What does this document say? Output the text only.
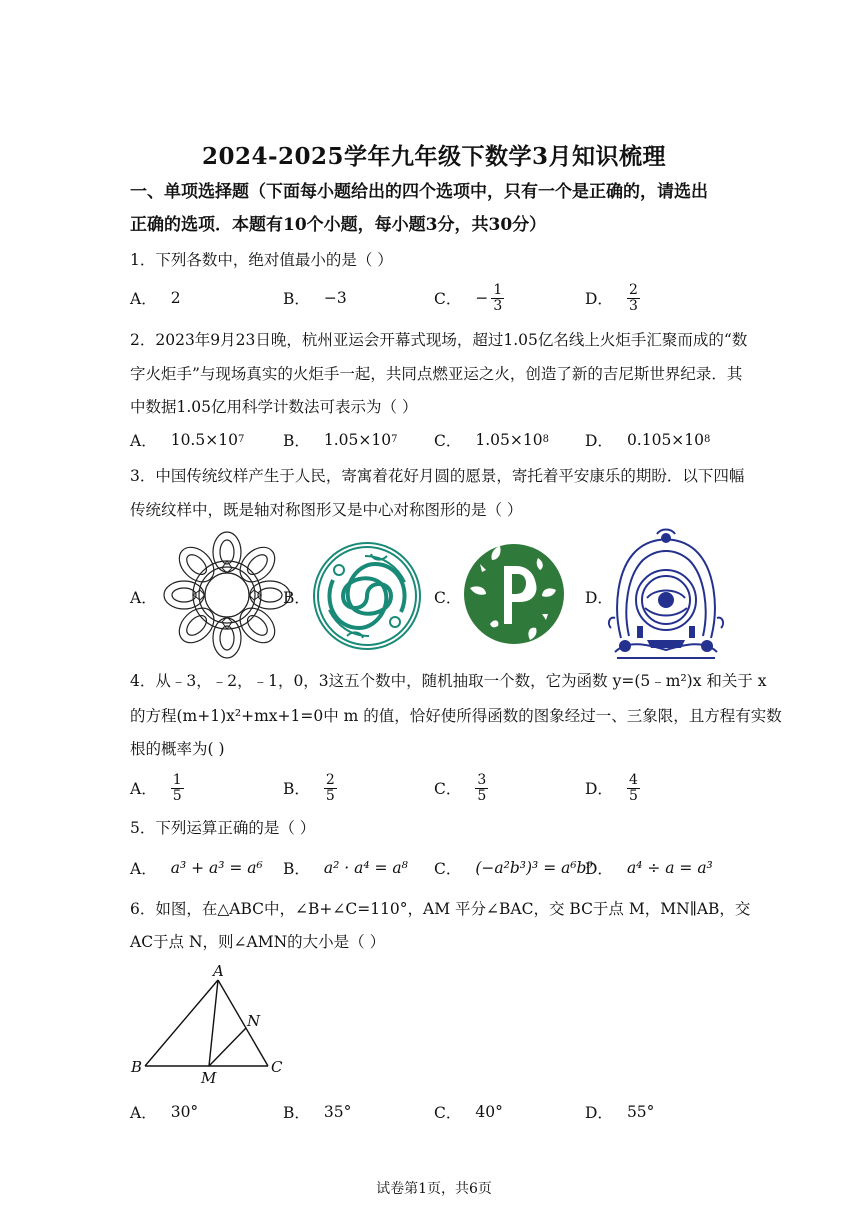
2024-2025学年九年级下数学3月知识梳理
一、单项选择题（下面每小题给出的四个选项中，只有一个是正确的，请选出
正确的选项．本题有10个小题，每小题3分，共30分）
1．下列各数中，绝对值最小的是（ ）
A． 2	B． −3	C． − $\frac{1}{3}$	D． $\frac{2}{3}$
2．2023年9月23日晚，杭州亚运会开幕式现场，超过1.05亿名线上火炬手汇聚而成的“数
字火炬手”与现场真实的火炬手一起，共同点燃亚运之火，创造了新的吉尼斯世界纪录．其
中数据1.05亿用科学计数法可表示为（ ）
A． 10.5×10 7 B． 1.05×10 7 C． 1.05×10 8 D． 0.105×10 8
3．中国传统纹样产生于人民，寄寓着花好月圆的愿景，寄托着平安康乐的期盼．以下四幅
传统纹样中，既是轴对称图形又是中心对称图形的是（ ）
A．	B．	C．	D．
4．从﹣3，﹣2，﹣1，0，3这五个数中，随机抽取一个数，它为函数 y=(5﹣m²)x 和关于 x
的方程(m+1)x²+mx+1=0中 m 的值，恰好使所得函数的图象经过一、三象限，且方程有实数
根的概率为( )
A． $\frac{1}{5}$	B． $\frac{2}{5}$	C． $\frac{3}{5}$	D． $\frac{4}{5}$
5．下列运算正确的是（ ）
A． a³ + a³ = a⁶ B． a² · a⁴ = a⁸ C． (−a²b³)³ = a⁶b⁹
D． a⁴ ÷ a = a³
6．如图，在△ABC中，∠B+∠C=110°，AM 平分∠BAC，交 BC于点 M，MN∥AB，交
AC于点 N，则∠AMN的大小是（ ）
A
B	C
M
N
A． 30°	B． 35°	C． 40°	D． 55°
试卷第1页，共6页
